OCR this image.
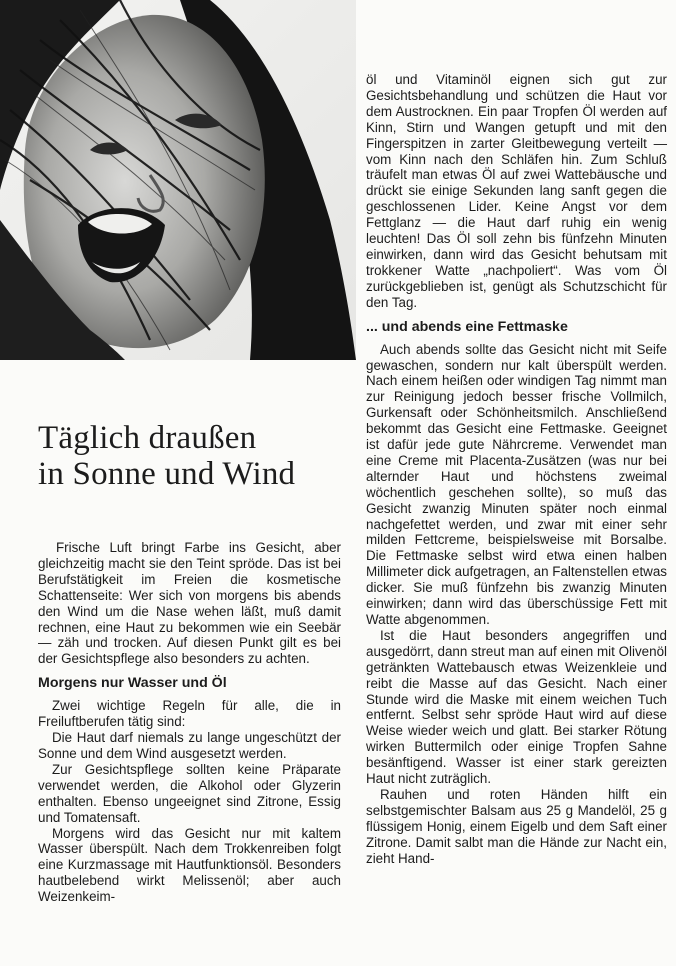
Täglich draußen
in Sonne und Wind

Frische Luft bringt Farbe ins Gesicht, aber gleichzeitig macht sie den Teint spröde. Das ist bei Berufstätigkeit im Freien die kosmetische Schattenseite: Wer sich von morgens bis abends den Wind um die Nase wehen läßt, muß damit rechnen, eine Haut zu bekommen wie ein Seebär — zäh und trocken. Auf diesen Punkt gilt es bei der Gesichtspflege also besonders zu achten.

Morgens nur Wasser und Öl

Zwei wichtige Regeln für alle, die in Freiluftberufen tätig sind:

Die Haut darf niemals zu lange ungeschützt der Sonne und dem Wind ausgesetzt werden.

Zur Gesichtspflege sollten keine Präparate verwendet werden, die Alkohol oder Glyzerin enthalten. Ebenso ungeeignet sind Zitrone, Essig und Tomatensaft.

Morgens wird das Gesicht nur mit kaltem Wasser überspült. Nach dem Trokkenreiben folgt eine Kurzmassage mit Hautfunktionsöl. Besonders hautbelebend wirkt Melissenöl; aber auch Weizenkeim-

öl und Vitaminöl eignen sich gut zur Gesichtsbehandlung und schützen die Haut vor dem Austrocknen. Ein paar Tropfen Öl werden auf Kinn, Stirn und Wangen getupft und mit den Fingerspitzen in zarter Gleitbewegung verteilt — vom Kinn nach den Schläfen hin. Zum Schluß träufelt man etwas Öl auf zwei Wattebäusche und drückt sie einige Sekunden lang sanft gegen die geschlossenen Lider. Keine Angst vor dem Fettglanz — die Haut darf ruhig ein wenig leuchten! Das Öl soll zehn bis fünfzehn Minuten einwirken, dann wird das Gesicht behutsam mit trokkener Watte „nachpoliert“. Was vom Öl zurückgeblieben ist, genügt als Schutzschicht für den Tag.

... und abends eine Fettmaske

Auch abends sollte das Gesicht nicht mit Seife gewaschen, sondern nur kalt überspült werden. Nach einem heißen oder windigen Tag nimmt man zur Reinigung jedoch besser frische Vollmilch, Gurkensaft oder Schönheitsmilch. Anschließend bekommt das Gesicht eine Fettmaske. Geeignet ist dafür jede gute Nährcreme. Verwendet man eine Creme mit Placenta-Zusätzen (was nur bei alternder Haut und höchstens zweimal wöchentlich geschehen sollte), so muß das Gesicht zwanzig Minuten später noch einmal nachgefettet werden, und zwar mit einer sehr milden Fettcreme, beispielsweise mit Borsalbe. Die Fettmaske selbst wird etwa einen halben Millimeter dick aufgetragen, an Faltenstellen etwas dicker. Sie muß fünfzehn bis zwanzig Minuten einwirken; dann wird das überschüssige Fett mit Watte abgenommen.

Ist die Haut besonders angegriffen und ausgedörrt, dann streut man auf einen mit Olivenöl getränkten Wattebausch etwas Weizenkleie und reibt die Masse auf das Gesicht. Nach einer Stunde wird die Maske mit einem weichen Tuch entfernt. Selbst sehr spröde Haut wird auf diese Weise wieder weich und glatt. Bei starker Rötung wirken Buttermilch oder einige Tropfen Sahne besänftigend. Wasser ist einer stark gereizten Haut nicht zuträglich.

Rauhen und roten Händen hilft ein selbstgemischter Balsam aus 25 g Mandelöl, 25 g flüssigem Honig, einem Eigelb und dem Saft einer Zitrone. Damit salbt man die Hände zur Nacht ein, zieht Hand-
